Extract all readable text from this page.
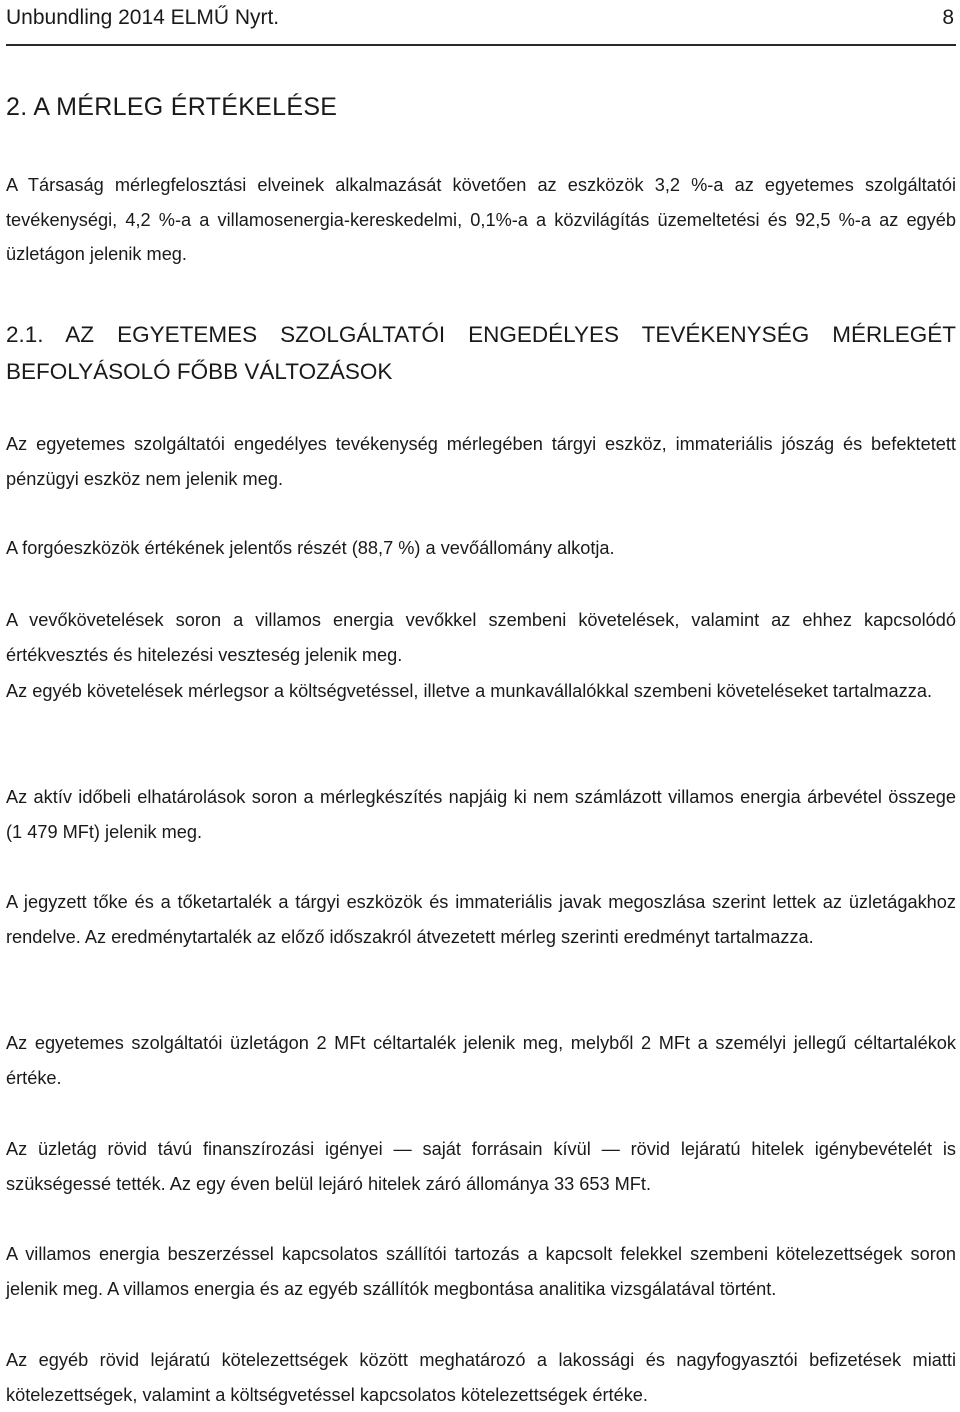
Unbundling 2014 ELMŰ Nyrt.	8
2. A MÉRLEG ÉRTÉKELÉSE

A Társaság mérlegfelosztási elveinek alkalmazását követően az eszközök 3,2 %-a az egyetemes szolgáltatói tevékenységi, 4,2 %-a a villamosenergia-kereskedelmi, 0,1%-a a közvilágítás üzemeltetési és 92,5 %-a az egyéb üzletágon jelenik meg.

2.1. AZ EGYETEMES SZOLGÁLTATÓI ENGEDÉLYES TEVÉKENYSÉG MÉRLEGÉT
BEFOLYÁSOLÓ FŐBB VÁLTOZÁSOK

Az egyetemes szolgáltatói engedélyes tevékenység mérlegében tárgyi eszköz, immateriális jószág és befektetett pénzügyi eszköz nem jelenik meg.

A forgóeszközök értékének jelentős részét (88,7 %) a vevőállomány alkotja.

A vevőkövetelések soron a villamos energia vevőkkel szembeni követelések, valamint az ehhez kapcsolódó értékvesztés és hitelezési veszteség jelenik meg.

Az egyéb követelések mérlegsor a költségvetéssel, illetve a munkavállalókkal szembeni követeléseket tartalmazza.

Az aktív időbeli elhatárolások soron a mérlegkészítés napjáig ki nem számlázott villamos energia árbevétel összege (1 479 MFt) jelenik meg.

A jegyzett tőke és a tőketartalék a tárgyi eszközök és immateriális javak megoszlása szerint lettek az üzletágakhoz rendelve. Az eredménytartalék az előző időszakról átvezetett mérleg szerinti eredményt tartalmazza.

Az egyetemes szolgáltatói üzletágon 2 MFt céltartalék jelenik meg, melyből 2 MFt a személyi jellegű céltartalékok értéke.

Az üzletág rövid távú finanszírozási igényei — saját forrásain kívül — rövid lejáratú hitelek igénybevételét is szükségessé tették. Az egy éven belül lejáró hitelek záró állománya 33 653 MFt.

A villamos energia beszerzéssel kapcsolatos szállítói tartozás a kapcsolt felekkel szembeni kötelezettségek soron jelenik meg. A villamos energia és az egyéb szállítók megbontása analitika vizsgálatával történt.

Az egyéb rövid lejáratú kötelezettségek között meghatározó a lakossági és nagyfogyasztói befizetések miatti kötelezettségek, valamint a költségvetéssel kapcsolatos kötelezettségek értéke.
